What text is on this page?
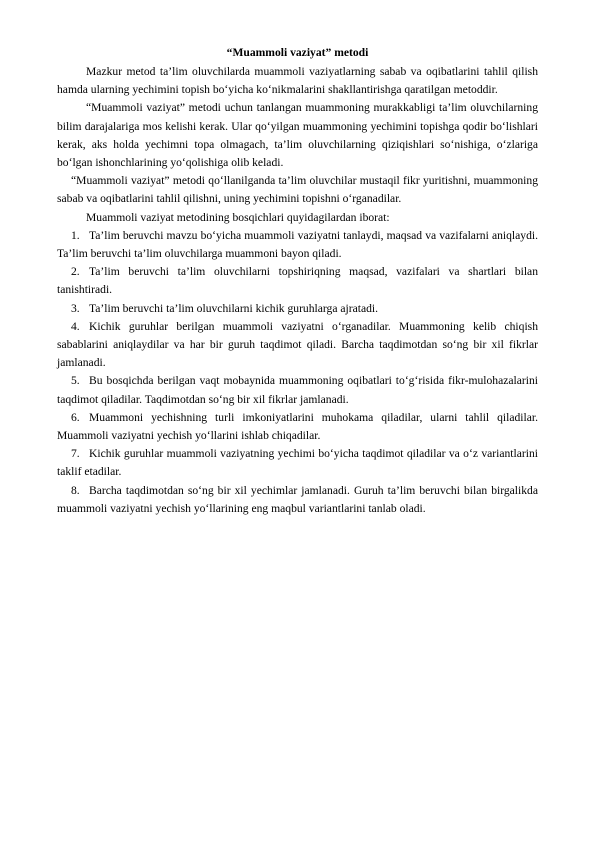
“Muammoli vaziyat” metodi

Mazkur metod ta’lim oluvchilarda muammoli vaziyatlarning sabab va oqibatlarini tahlil qilish hamda ularning yechimini topish bo‘yicha ko‘nikmalarini shakllantirishga qaratilgan metoddir.

“Muammoli vaziyat” metodi uchun tanlangan muammoning murakkabligi ta’lim oluvchilarning bilim darajalariga mos kelishi kerak. Ular qo‘yilgan muammoning yechimini topishga qodir bo‘lishlari kerak, aks holda yechimni topa olmagach, ta’lim oluvchilarning qiziqishlari so‘nishiga, o‘zlariga bo‘lgan ishonchlarining yo‘qolishiga olib keladi.

“Muammoli vaziyat” metodi qo‘llanilganda ta’lim oluvchilar mustaqil fikr yuritishni, muammoning sabab va oqibatlarini tahlil qilishni, uning yechimini topishni o‘rganadilar.

Muammoli vaziyat metodining bosqichlari quyidagilardan iborat:

1. Ta’lim beruvchi mavzu bo‘yicha muammoli vaziyatni tanlaydi, maqsad va vazifalarni aniqlaydi. Ta’lim beruvchi ta’lim oluvchilarga muammoni bayon qiladi.

2. Ta’lim beruvchi ta’lim oluvchilarni topshiriqning maqsad, vazifalari va shartlari bilan tanishtiradi.

3. Ta’lim beruvchi ta’lim oluvchilarni kichik guruhlarga ajratadi.

4. Kichik guruhlar berilgan muammoli vaziyatni o‘rganadilar. Muammoning kelib chiqish sabablarini aniqlaydilar va har bir guruh taqdimot qiladi. Barcha taqdimotdan so‘ng bir xil fikrlar jamlanadi.

5. Bu bosqichda berilgan vaqt mobaynida muammoning oqibatlari to‘g‘risida fikr-mulohazalarini taqdimot qiladilar. Taqdimotdan so‘ng bir xil fikrlar jamlanadi.

6. Muammoni yechishning turli imkoniyatlarini muhokama qiladilar, ularni tahlil qiladilar. Muammoli vaziyatni yechish yo‘llarini ishlab chiqadilar.

7. Kichik guruhlar muammoli vaziyatning yechimi bo‘yicha taqdimot qiladilar va o‘z variantlarini taklif etadilar.

8. Barcha taqdimotdan so‘ng bir xil yechimlar jamlanadi. Guruh ta’lim beruvchi bilan birgalikda muammoli vaziyatni yechish yo‘llarining eng maqbul variantlarini tanlab oladi.
